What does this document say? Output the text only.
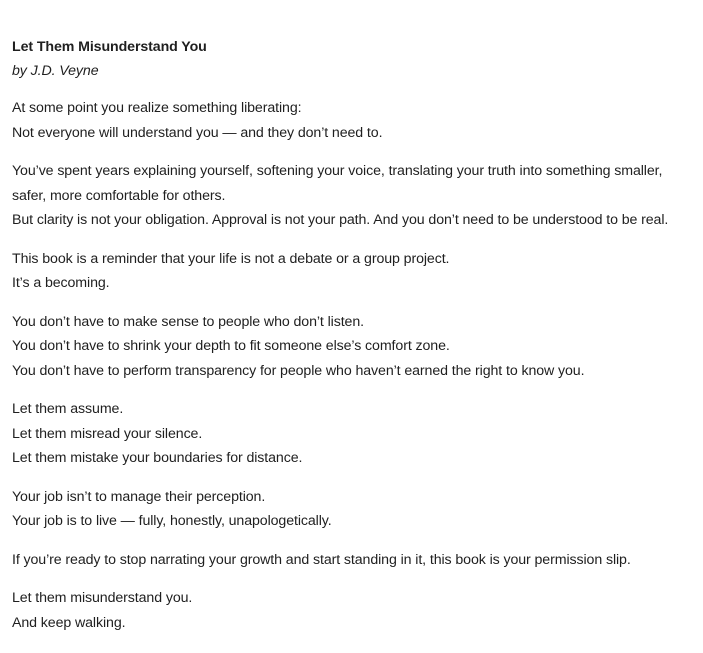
Let Them Misunderstand You

by J.D. Veyne

At some point you realize something liberating:
Not everyone will understand you — and they don’t need to.
You’ve spent years explaining yourself, softening your voice, translating your truth into something smaller,
safer, more comfortable for others.
But clarity is not your obligation. Approval is not your path. And you don’t need to be understood to be real.
This book is a reminder that your life is not a debate or a group project.
It’s a becoming.
You don’t have to make sense to people who don’t listen.
You don’t have to shrink your depth to fit someone else’s comfort zone.
You don’t have to perform transparency for people who haven’t earned the right to know you.
Let them assume.
Let them misread your silence.
Let them mistake your boundaries for distance.
Your job isn’t to manage their perception.
Your job is to live — fully, honestly, unapologetically.
If you’re ready to stop narrating your growth and start standing in it, this book is your permission slip.
Let them misunderstand you.
And keep walking.
